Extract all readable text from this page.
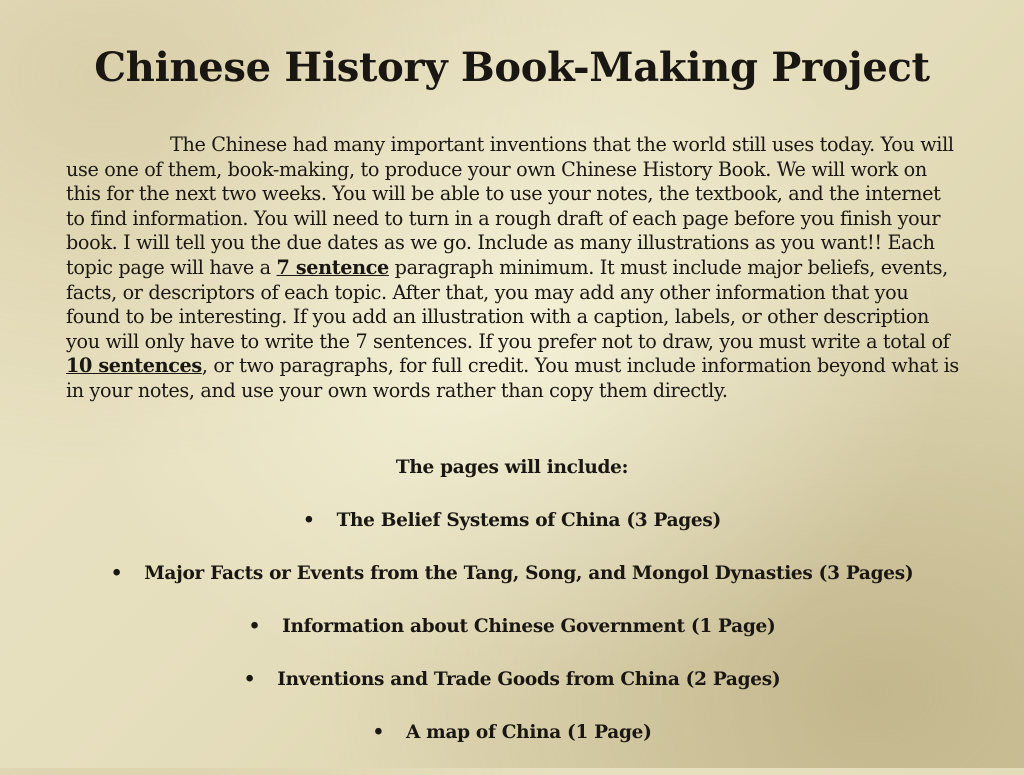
Chinese History Book-Making Project

The Chinese had many important inventions that the world still uses today. You will use one of them, book-making, to produce your own Chinese History Book. We will work on this for the next two weeks. You will be able to use your notes, the textbook, and the internet to find information. You will need to turn in a rough draft of each page before you finish your book. I will tell you the due dates as we go. Include as many illustrations as you want!! Each topic page will have a 7 sentence paragraph minimum. It must include major beliefs, events, facts, or descriptors of each topic. After that, you may add any other information that you found to be interesting. If you add an illustration with a caption, labels, or other description you will only have to write the 7 sentences. If you prefer not to draw, you must write a total of 10 sentences, or two paragraphs, for full credit. You must include information beyond what is in your notes, and use your own words rather than copy them directly.

The pages will include:

• The Belief Systems of China (3 Pages)
• Major Facts or Events from the Tang, Song, and Mongol Dynasties (3 Pages)
• Information about Chinese Government (1 Page)
• Inventions and Trade Goods from China (2 Pages)
• A map of China (1 Page)
